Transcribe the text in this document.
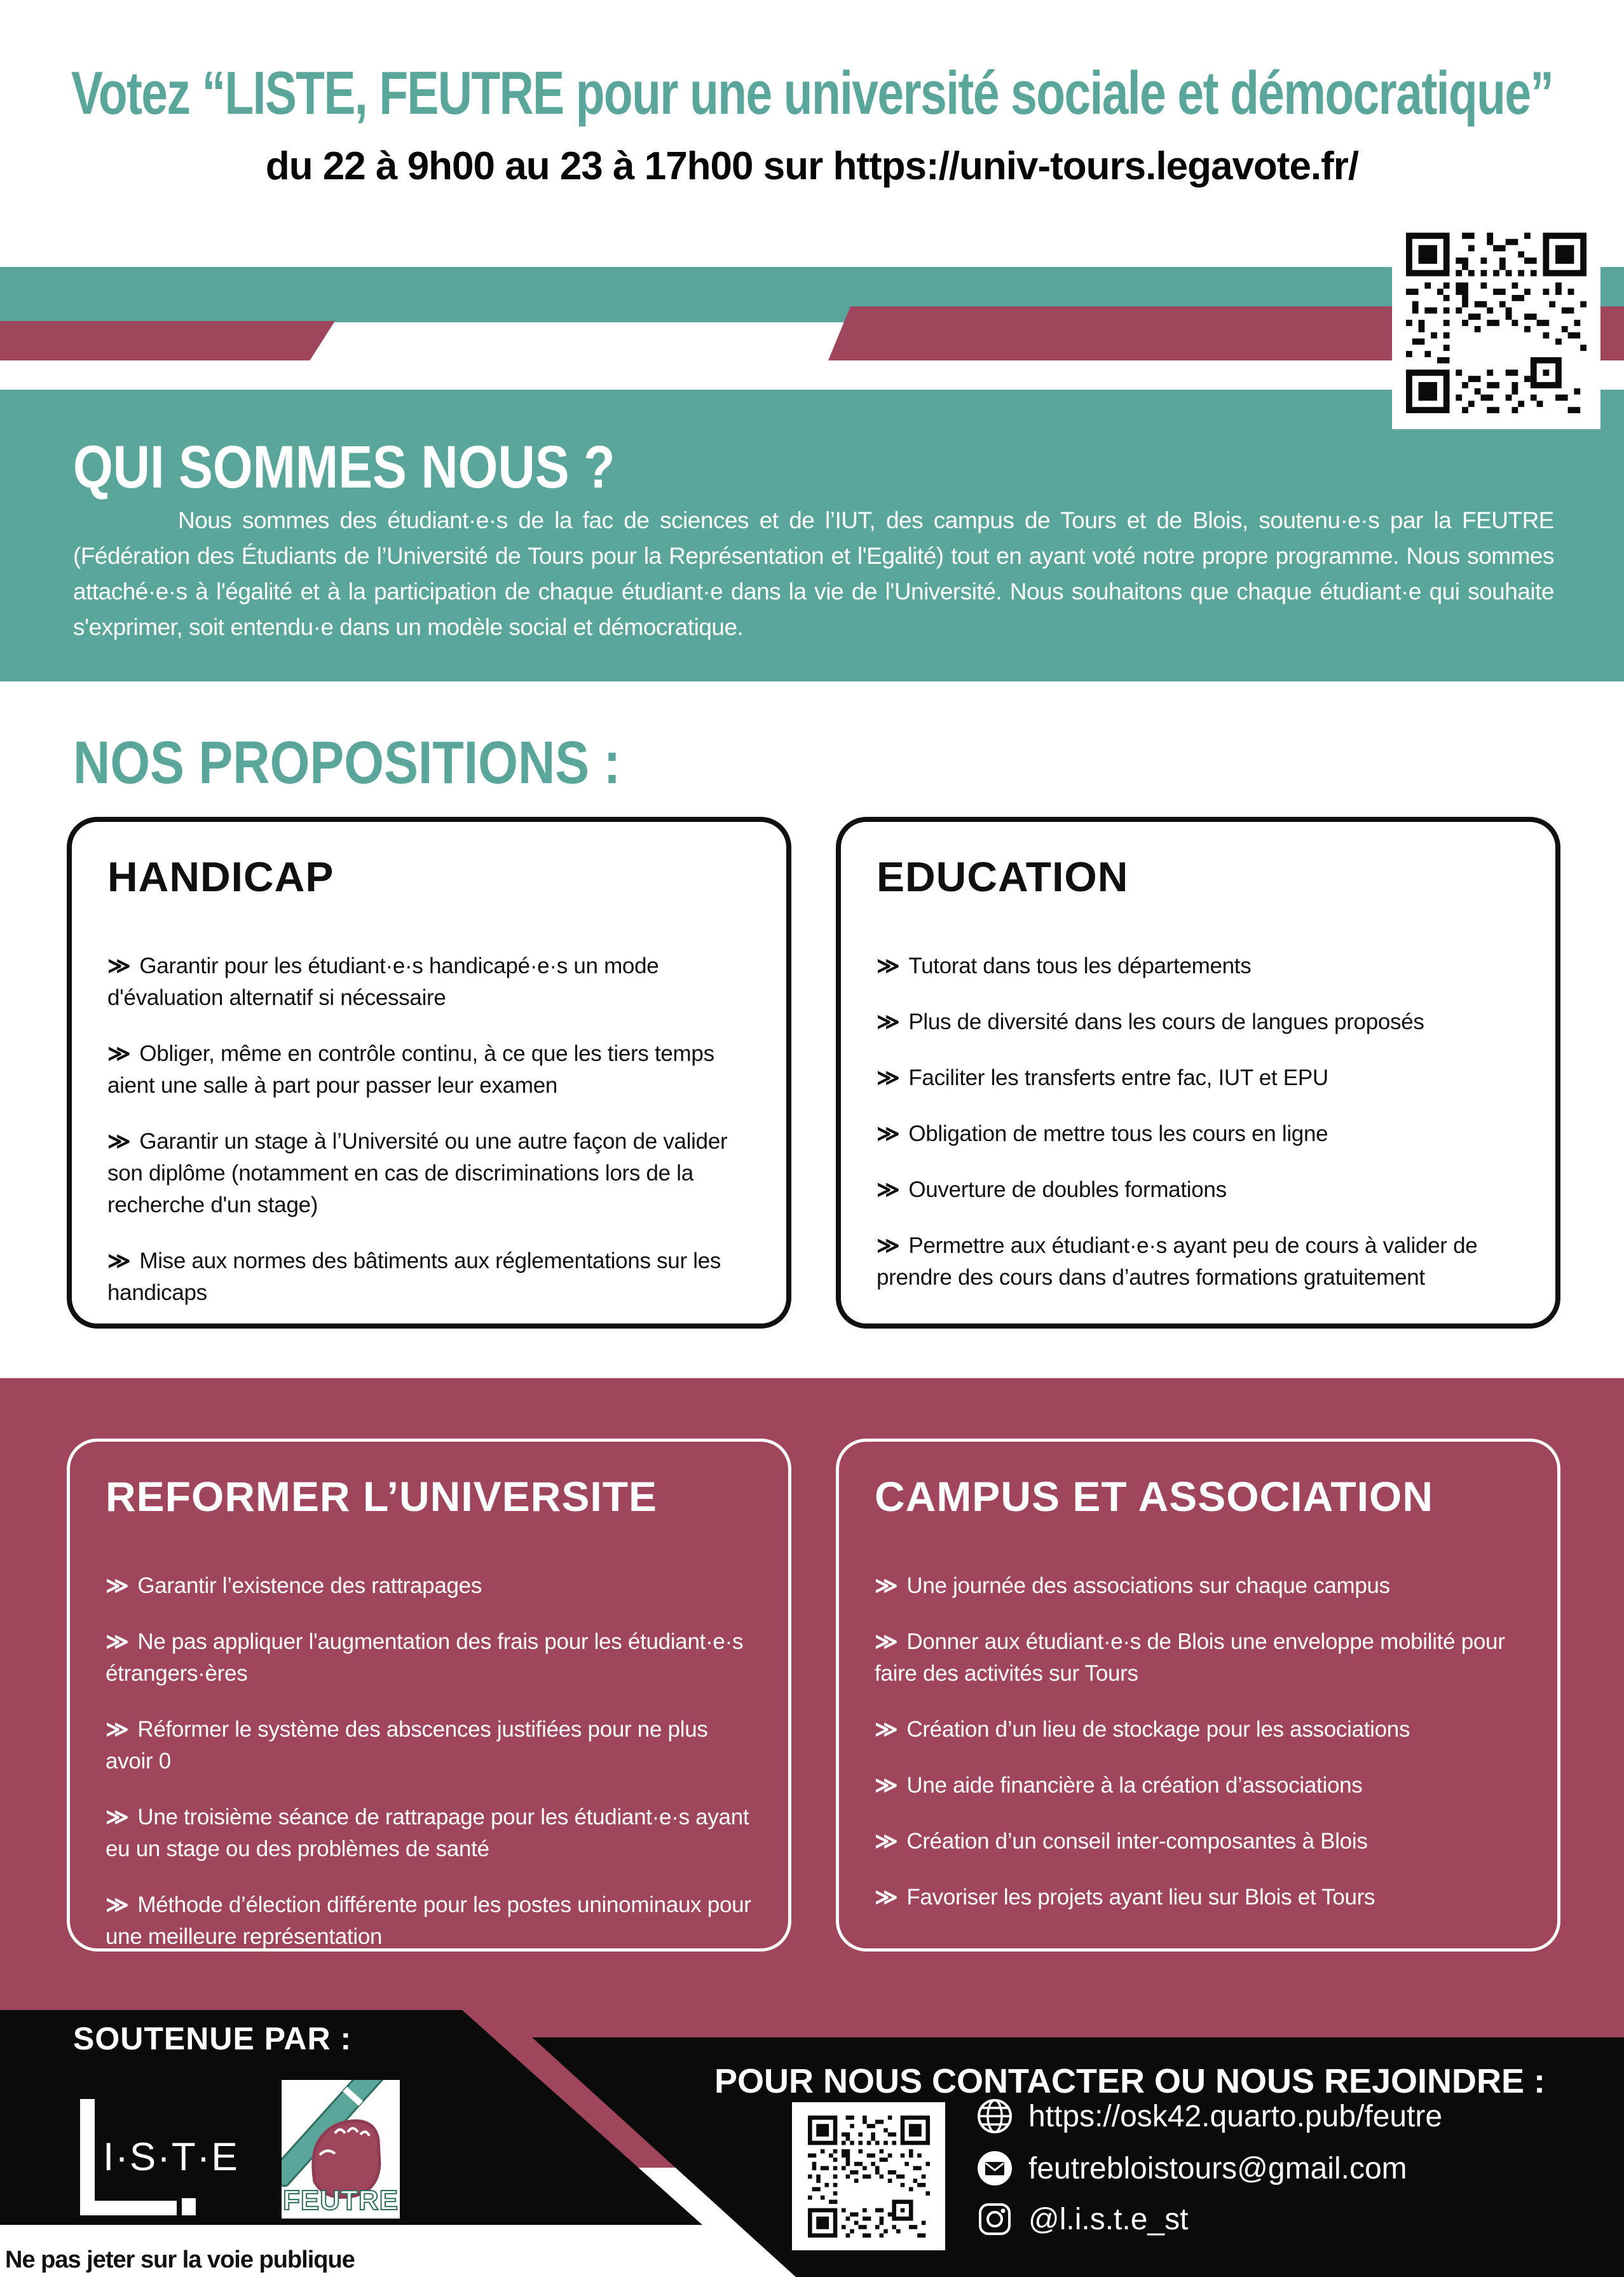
Votez “LISTE, FEUTRE pour une université sociale et démocratique”
du 22 à 9h00 au 23 à 17h00 sur https://univ-tours.legavote.fr/
QUI SOMMES NOUS ?
Nous sommes des étudiant·e·s de la fac de sciences et de l’IUT, des campus de Tours et de Blois, soutenu·e·s par la FEUTRE (Fédération des Étudiants de l’Université de Tours pour la Représentation et l'Egalité) tout en ayant voté notre propre programme. Nous sommes attaché·e·s à l'égalité et à la participation de chaque étudiant·e dans la vie de l'Université. Nous souhaitons que chaque étudiant·e qui souhaite s'exprimer, soit entendu·e dans un modèle social et démocratique.
NOS PROPOSITIONS :
HANDICAP
≫ Garantir pour les étudiant·e·s handicapé·e·s un mode d'évaluation alternatif si nécessaire
≫ Obliger, même en contrôle continu, à ce que les tiers temps aient une salle à part pour passer leur examen
≫ Garantir un stage à l’Université ou une autre façon de valider son diplôme (notamment en cas de discriminations lors de la recherche d'un stage)
≫ Mise aux normes des bâtiments aux réglementations sur les handicaps
EDUCATION
≫ Tutorat dans tous les départements
≫ Plus de diversité dans les cours de langues proposés
≫ Faciliter les transferts entre fac, IUT et EPU
≫ Obligation de mettre tous les cours en ligne
≫ Ouverture de doubles formations
≫ Permettre aux étudiant·e·s ayant peu de cours à valider de prendre des cours dans d’autres formations gratuitement
REFORMER L’UNIVERSITE
≫ Garantir l’existence des rattrapages
≫ Ne pas appliquer l'augmentation des frais pour les étudiant·e·s étrangers·ères
≫ Réformer le système des abscences justifiées pour ne plus avoir 0
≫ Une troisième séance de rattrapage pour les étudiant·e·s ayant eu un stage ou des problèmes de santé
≫ Méthode d’élection différente pour les postes uninominaux pour une meilleure représentation
CAMPUS ET ASSOCIATION
≫ Une journée des associations sur chaque campus
≫ Donner aux étudiant·e·s de Blois une enveloppe mobilité pour faire des activités sur Tours
≫ Création d’un lieu de stockage pour les associations
≫ Une aide financière à la création d’associations
≫ Création d’un conseil inter-composantes à Blois
≫ Favoriser les projets ayant lieu sur Blois et Tours
SOUTENUE PAR :
I·S·T·E
FEUTRE
POUR NOUS CONTACTER OU NOUS REJOINDRE :
https://osk42.quarto.pub/feutre
feutrebloistours@gmail.com
@l.i.s.t.e_st
Ne pas jeter sur la voie publique
